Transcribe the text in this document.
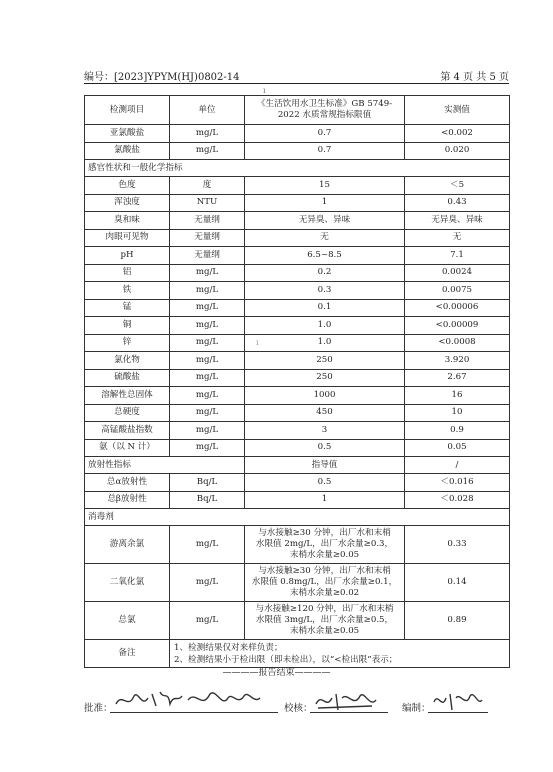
编号：[2023]YPYM(HJ)0802-14	第 4 页 共 5 页
ı
检测项目	单位	《生活饮用水卫生标准》GB 5749-2022 水质常规指标限值	实测值
亚氯酸盐	mg/L	0.7	<0.002
氯酸盐	mg/L	0.7	0.020
感官性状和一般化学指标			
色度	度	15	＜5
浑浊度	NTU	1	0.43
臭和味	无量纲	无异臭、异味	无异臭、异味
肉眼可见物	无量纲	无	无
pH	无量纲	6.5~8.5	7.1
铝	mg/L	0.2	0.0024
铁	mg/L	0.3	0.0075
锰	mg/L	0.1	<0.00006
铜	mg/L	1.0	<0.00009
锌	mg/L	1.0	<0.0008
氯化物	mg/L	250	3.920
硫酸盐	mg/L	250	2.67
溶解性总固体	mg/L	1000	16
总硬度	mg/L	450	10
高锰酸盐指数	mg/L	3	0.9
氨（以 N 计）	mg/L	0.5	0.05
放射性指标		指导值	/
总α放射性	Bq/L	0.5	＜0.016
总β放射性	Bq/L	1	＜0.028
消毒剂			
游离余氯	mg/L	与水接触≥30 分钟，出厂水和末梢
水限值 2mg/L，出厂水余量≥0.3，
末梢水余量≥0.05	0.33
二氧化氯	mg/L	与水接触≥30 分钟，出厂水和末梢
水限值 0.8mg/L，出厂水余量≥0.1，
末梢水余量≥0.02	0.14
总氯	mg/L	与水接触≥120 分钟，出厂水和末梢
水限值 3mg/L，出厂水余量≥0.5，
末梢水余量≥0.05	0.89
备注	1、检测结果仅对来样负责；
2、检测结果小于检出限（即未检出），以“<检出限”表示；		
ı
————报告结束————
批准：	校核：	编制：
